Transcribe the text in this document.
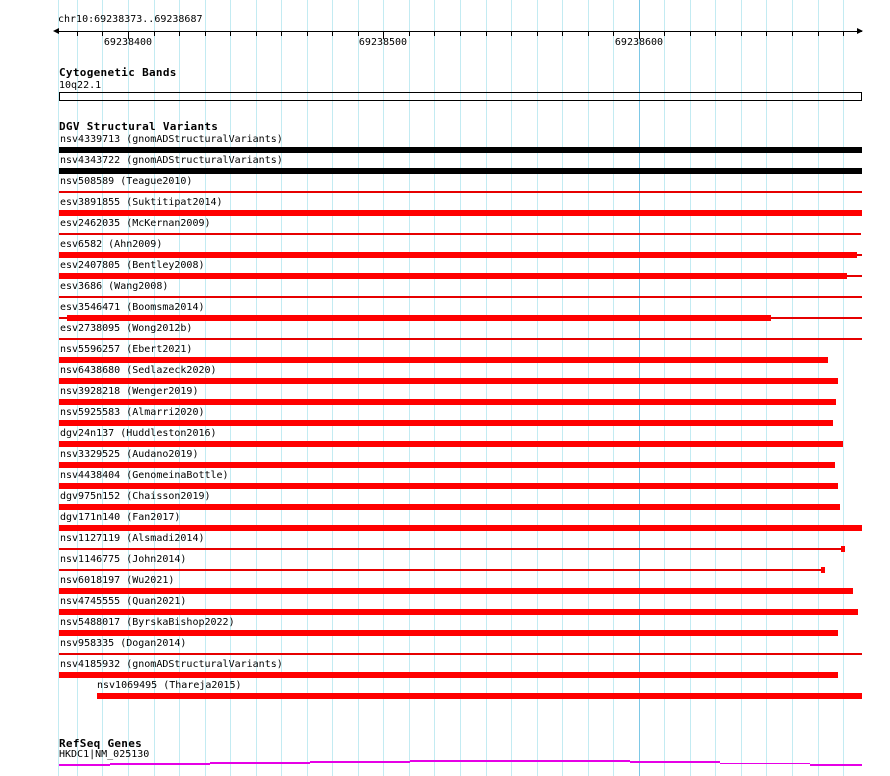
chr10:69238373..69238687
69238400	69238500	69238600
Cytogenetic Bands
10q22.1
DGV Structural Variants
nsv4339713 (gnomADStructuralVariants)
nsv4343722 (gnomADStructuralVariants)
nsv508589 (Teague2010)
esv3891855 (Suktitipat2014)
esv2462035 (McKernan2009)
esv6582 (Ahn2009)
esv2407805 (Bentley2008)
esv3686 (Wang2008)
esv3546471 (Boomsma2014)
esv2738095 (Wong2012b)
nsv5596257 (Ebert2021)
nsv6438680 (Sedlazeck2020)
nsv3928218 (Wenger2019)
nsv5925583 (Almarri2020)
dgv24n137 (Huddleston2016)
nsv3329525 (Audano2019)
nsv4438404 (GenomeinaBottle)
dgv975n152 (Chaisson2019)
dgv171n140 (Fan2017)
nsv1127119 (Alsmadi2014)
nsv1146775 (John2014)
nsv6018197 (Wu2021)
nsv4745555 (Quan2021)
nsv5488017 (ByrskaBishop2022)
nsv958335 (Dogan2014)
nsv4185932 (gnomADStructuralVariants)
nsv1069495 (Thareja2015)
RefSeq Genes
HKDC1|NM_025130
